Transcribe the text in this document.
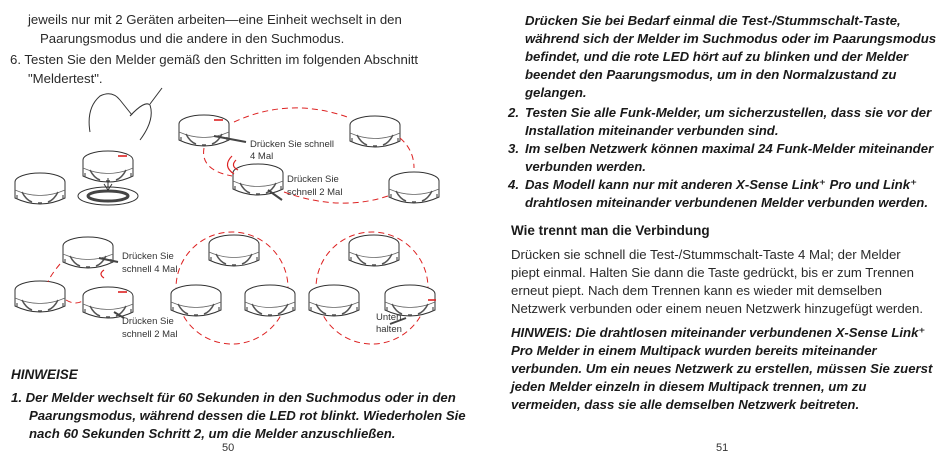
jeweils nur mit 2 Geräten arbeiten—eine Einheit wechselt in den

Paarungsmodus und die andere in den Suchmodus.

6. Testen Sie den Melder gemäß den Schritten im folgenden Abschnitt

"Meldertest".

Drücken Sie schnell
4 Mal
Drücken Sie
schnell 2 Mal
Drücken Sie
schnell 4 Mal
Drücken Sie
schnell 2 Mal
Unten
halten

HINWEISE

1. Der Melder wechselt für 60 Sekunden in den Suchmodus oder in den

Paarungsmodus, während dessen die LED rot blinkt. Wiederholen Sie

nach 60 Sekunden Schritt 2, um die Melder anzuschließen.

50

Drücken Sie bei Bedarf einmal die Test-/Stummschalt-Taste,

während sich der Melder im Suchmodus oder im Paarungsmodus

befindet, und die rote LED hört auf zu blinken und der Melder

beendet den Paarungsmodus, um in den Normalzustand zu

gelangen.

2. Testen Sie alle Funk-Melder, um sicherzustellen, dass sie vor der
Installation miteinander verbunden sind.
3. Im selben Netzwerk können maximal 24 Funk-Melder miteinander
verbunden werden.
4. Das Modell kann nur mit anderen X-Sense Link⁺ Pro und Link⁺
drahtlosen miteinander verbundenen Melder verbunden werden.

Wie trennt man die Verbindung

Drücken sie schnell die Test-/Stummschalt-Taste 4 Mal; der Melder

piept einmal. Halten Sie dann die Taste gedrückt, bis er zum Trennen

erneut piept. Nach dem Trennen kann es wieder mit demselben

Netzwerk verbunden oder einem neuen Netzwerk hinzugefügt werden.

HINWEIS: Die drahtlosen miteinander verbundenen X-Sense Link⁺

Pro Melder in einem Multipack wurden bereits miteinander

verbunden. Um ein neues Netzwerk zu erstellen, müssen Sie zuerst

jeden Melder einzeln in diesem Multipack trennen, um zu

vermeiden, dass sie alle demselben Netzwerk beitreten.

51
